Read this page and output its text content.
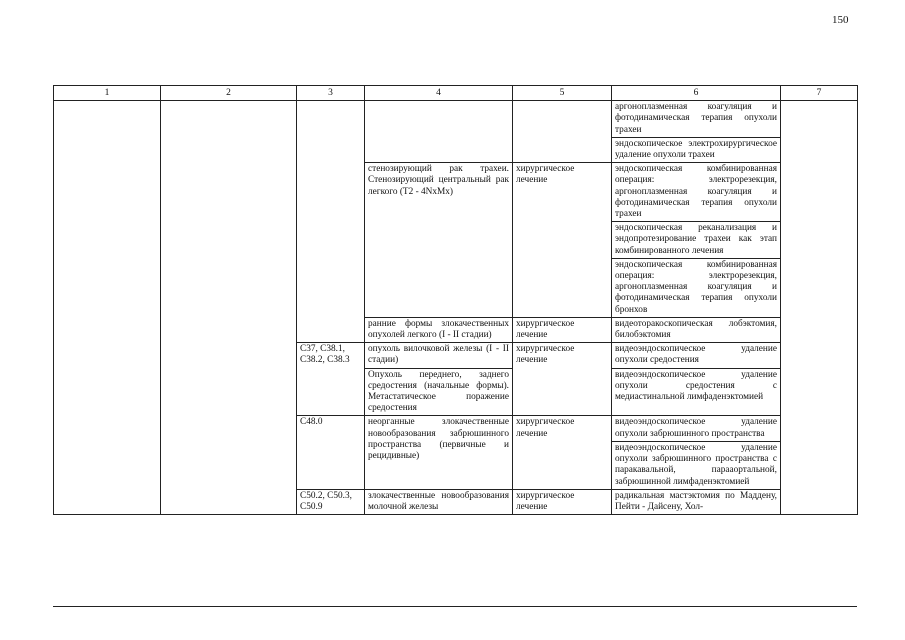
150
1	2	3	4	5	6	7
					аргоноплазменная коагуляция и фотодинамическая терапия опухоли трахеи	
					эндоскопическое электрохирургическое удаление опухоли трахеи	
			стенозирующий рак трахеи. Стенозирующий центральный рак легкого (Т2 - 4NxMx)	хирургическое лечение	эндоскопическая комбинированная операция: электрорезекция, аргоноплазменная коагуляция и фотодинамическая терапия опухоли трахеи	
					эндоскопическая реканализация и эндопротезирование трахеи как этап комбинированного лечения	
					эндоскопическая комбинированная операция: электрорезекция, аргоноплазменная коагуляция и фотодинамическая терапия опухоли бронхов	
			ранние формы злокачественных опухолей легкого (I - II стадии)	хирургическое лечение	видеоторакоскопическая лобэктомия, билобэктомия	
		С37, С38.1, С38.2, С38.3	опухоль вилочковой железы (I - II стадии)	хирургическое лечение	видеоэндоскопическое удаление опухоли средостения	
			Опухоль переднего, заднего средостения (начальные формы). Метастатическое поражение средостения		видеоэндоскопическое удаление опухоли средостения с медиастинальной лимфаденэктомией	
		С48.0	неорганные злокачественные новообразования забрюшинного пространства (первичные и рецидивные)	хирургическое лечение	видеоэндоскопическое удаление опухоли забрюшинного пространства	
					видеоэндоскопическое удаление опухоли забрюшинного пространства с паракавальной, парааортальной, забрюшинной лимфаденэктомией	
		С50.2, С50.3, С50.9	злокачественные новообразования молочной железы	хирургическое лечение	радикальная мастэктомия по Маддену, Пейти - Дайсену, Хол-	
